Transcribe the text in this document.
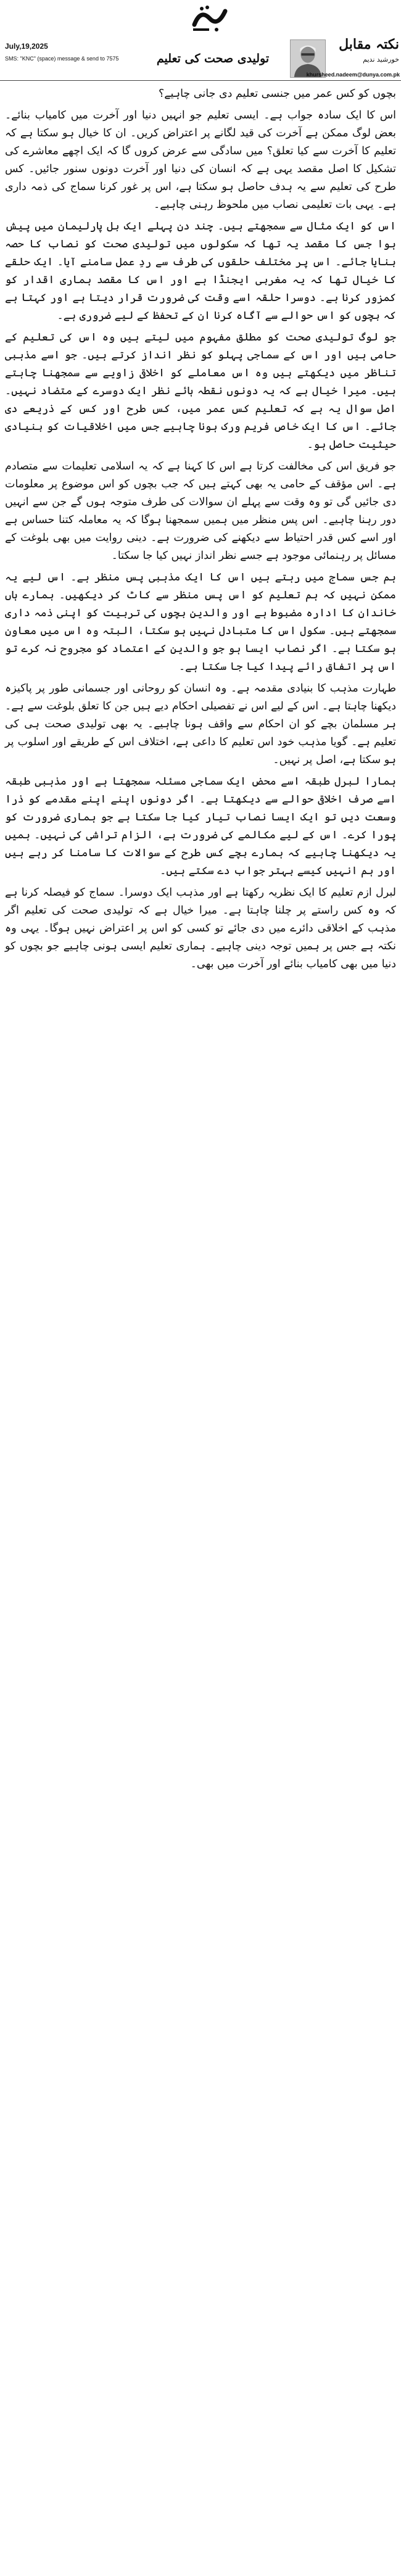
July,19,2025
SMS: "KNC" (space) message & send to 7575	تولیدی صحت کی تعلیم
نکتہ مقابل
خورشید ندیم
khursheed.nadeem@dunya.com.pk

بچوں کو کس عمر میں جنسی تعلیم دی جانی چاہیے؟

اس کا ایک سادہ جواب ہے۔ ایسی تعلیم جو انہیں دنیا اور آخرت میں کامیاب بنائے۔ بعض لوگ ممکن ہے آخرت کی قید لگانے پر اعتراض کریں۔ ان کا خیال ہو سکتا ہے کہ تعلیم کا آخرت سے کیا تعلق؟ میں سادگی سے عرض کروں گا کہ ایک اچھے معاشرے کی تشکیل کا اصل مقصد یہی ہے کہ انسان کی دنیا اور آخرت دونوں سنور جائیں۔ کس طرح کی تعلیم سے یہ ہدف حاصل ہو سکتا ہے، اس پر غور کرنا سماج کی ذمہ داری ہے۔ یہی بات تعلیمی نصاب میں ملحوظ رہنی چاہیے۔

اس کو ایک مثال سے سمجھتے ہیں۔ چند دن پہلے ایک بل پارلیمان میں پیش ہوا جس کا مقصد یہ تھا کہ سکولوں میں تولیدی صحت کو نصاب کا حصہ بنایا جائے۔ اس پر مختلف حلقوں کی طرف سے ردِ عمل سامنے آیا۔ ایک حلقے کا خیال تھا کہ یہ مغربی ایجنڈا ہے اور اس کا مقصد ہماری اقدار کو کمزور کرنا ہے۔ دوسرا حلقہ اسے وقت کی ضرورت قرار دیتا ہے اور کہتا ہے کہ بچوں کو اس حوالے سے آگاہ کرنا ان کے تحفظ کے لیے ضروری ہے۔

جو لوگ تولیدی صحت کو مطلق مفہوم میں لیتے ہیں وہ اس کی تعلیم کے حامی ہیں اور اس کے سماجی پہلو کو نظر انداز کرتے ہیں۔ جو اسے مذہبی تناظر میں دیکھتے ہیں وہ اس معاملے کو اخلاقی زاویے سے سمجھنا چاہتے ہیں۔ میرا خیال ہے کہ یہ دونوں نقطہ ہائے نظر ایک دوسرے کے متضاد نہیں۔ اصل سوال یہ ہے کہ تعلیم کس عمر میں، کس طرح اور کس کے ذریعے دی جائے۔ اس کا ایک خاص فریم ورک ہونا چاہیے جس میں اخلاقیات کو بنیادی حیثیت حاصل ہو۔

جو فریق اس کی مخالفت کرتا ہے اس کا کہنا ہے کہ یہ اسلامی تعلیمات سے متصادم ہے۔ اس مؤقف کے حامی یہ بھی کہتے ہیں کہ جب بچوں کو اس موضوع پر معلومات دی جائیں گی تو وہ وقت سے پہلے ان سوالات کی طرف متوجہ ہوں گے جن سے انہیں دور رہنا چاہیے۔ اس پس منظر میں ہمیں سمجھنا ہوگا کہ یہ معاملہ کتنا حساس ہے اور اسے کس قدر احتیاط سے دیکھنے کی ضرورت ہے۔ دینی روایت میں بھی بلوغت کے مسائل پر رہنمائی موجود ہے جسے نظر انداز نہیں کیا جا سکتا۔

ہم جس سماج میں رہتے ہیں اس کا ایک مذہبی پس منظر ہے۔ اس لیے یہ ممکن نہیں کہ ہم تعلیم کو اس پس منظر سے کاٹ کر دیکھیں۔ ہمارے ہاں خاندان کا ادارہ مضبوط ہے اور والدین بچوں کی تربیت کو اپنی ذمہ داری سمجھتے ہیں۔ سکول اس کا متبادل نہیں ہو سکتا، البتہ وہ اس میں معاون ہو سکتا ہے۔ اگر نصاب ایسا ہو جو والدین کے اعتماد کو مجروح نہ کرے تو اس پر اتفاق رائے پیدا کیا جا سکتا ہے۔

طہارت مذہب کا بنیادی مقدمہ ہے۔ وہ انسان کو روحانی اور جسمانی طور پر پاکیزہ دیکھنا چاہتا ہے۔ اس کے لیے اس نے تفصیلی احکام دیے ہیں جن کا تعلق بلوغت سے ہے۔ ہر مسلمان بچے کو ان احکام سے واقف ہونا چاہیے۔ یہ بھی تولیدی صحت ہی کی تعلیم ہے۔ گویا مذہب خود اس تعلیم کا داعی ہے، اختلاف اس کے طریقے اور اسلوب پر ہو سکتا ہے، اصل پر نہیں۔

ہمارا لبرل طبقہ اسے محض ایک سماجی مسئلہ سمجھتا ہے اور مذہبی طبقہ اسے صرف اخلاقی حوالے سے دیکھتا ہے۔ اگر دونوں اپنے اپنے مقدمے کو ذرا وسعت دیں تو ایک ایسا نصاب تیار کیا جا سکتا ہے جو ہماری ضرورت کو پورا کرے۔ اس کے لیے مکالمے کی ضرورت ہے، الزام تراشی کی نہیں۔ ہمیں یہ دیکھنا چاہیے کہ ہمارے بچے کس طرح کے سوالات کا سامنا کر رہے ہیں اور ہم انہیں کیسے بہتر جواب دے سکتے ہیں۔

لبرل ازم تعلیم کا ایک نظریہ رکھتا ہے اور مذہب ایک دوسرا۔ سماج کو فیصلہ کرنا ہے کہ وہ کس راستے پر چلنا چاہتا ہے۔ میرا خیال ہے کہ تولیدی صحت کی تعلیم اگر مذہب کے اخلاقی دائرے میں دی جائے تو کسی کو اس پر اعتراض نہیں ہوگا۔ یہی وہ نکتہ ہے جس پر ہمیں توجہ دینی چاہیے۔ ہماری تعلیم ایسی ہونی چاہیے جو بچوں کو دنیا میں بھی کامیاب بنائے اور آخرت میں بھی۔
